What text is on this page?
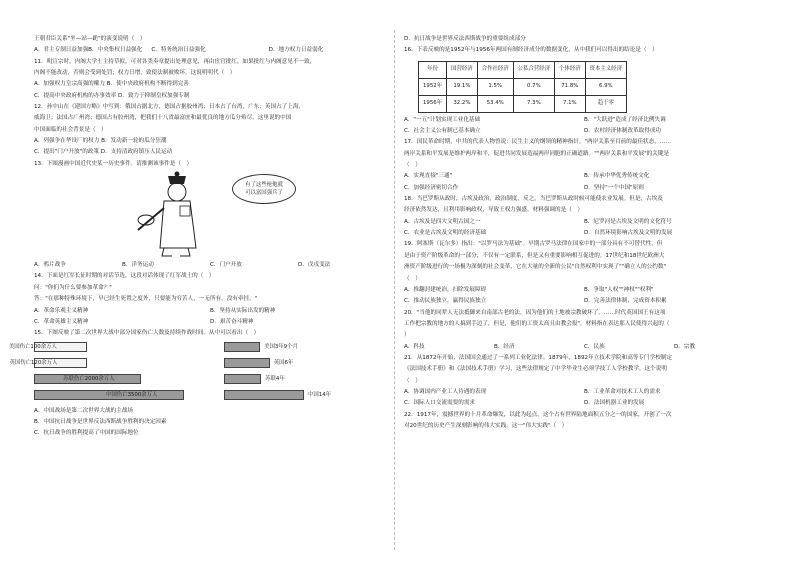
王朝君臣关系"坐—站—跪"的演变说明（　）
A．君主专制日益加强B．中央集权日益强化	C．特务统治日益强化	D．地方权力日益弱化
11．明宣宗时，内阁大学士主持草拟，可对各类奏章提出处理意见，再由宦官批红。如果批红与内阁意见不一致，
内阁不能改动，否则会受到处罚；权力日增，致使法制被败坏。这说明明代（　）
A．加强权力皇宗高强的權力 B．使中央政府机构不断得到完善
C．提高中央政府机构的办事效率 D．致力于抑制皇权加强专制
12．孙中山在《建国方略》中写到：俄国占据北方，德国占据胶州湾；日本占了台湾，广东；英国占了上海，
威海卫；法国占广州湾；德国占有胶州湾，把我们十八省最富庶和最优良的地方瓜分殆尽。这里说的中国
中国面临的社会背景是（　）
A．列强争在华设厂的权力 B．发动新一轮的瓜分狂潮
C．提出"门户开放"的政策 D．支持清政府镇压人民运动
13．下图漫画中国近代史某一历史事件。请推测该事件是（　）
有了这些枪炮就
可以富国强兵了
A．鸦片战争	B．洋务运动	C．门户开放	D．戊戌变法
14．下面是红军长征时期的对话节选，这段对话体现了红军战士的（　）
问："你们为什么要参加革命？"
答："在那种特殊环境下，早已经生死置之度外，只要能为穷苦人，一无所有，没有牵挂。"
A．革命乐观主义精神	B．坚持从实际出发的精神
C．革命英雄主义精神	D．艰苦奋斗精神
15．下图反映了第二次世界大战中部分国家伤亡人数及持续作战时间。从中可以看出（　）
美国伤亡100余万人	美国3年9个月
英国伤亡120余万人	英国6年
苏联伤亡2000余万人	苏联4年
中国伤亡3500余万人	中国14年
A．中国战场是第二次世界大战的主战场
B．中国抗日战争是世界反法西斯战争胜利的决定因素
C．抗日战争的胜利提高了中国的国际地位
D．抗日战争是世界反法西斯战争的重要组成部分
16．下表反映的是1952年与1956年两国有制经济成分的数据变化，从中我们可以得出的结论是（　）
年份	国营经济	合作社经济	公私合营经济	个体经济	资本主义经济
1952年	19.1%	1.5%	0.7%	71.8%	6.9%
1956年	32.2%	53.4%	7.3%	7.1%	趋于零
A．"一五"计划实现工业化基础	B．"大跃进"造成了经济比例失调
C．社会主义公有制已基本确立	D．农村经济体制改革取得成功
17．国民革命时期，中共的代表人物曾说：民生主义的纲领的精神指针。"两岸关系至目前的最佳状态，……
两岸关系和平发展是维护两岸和平，促进共同发展造福两岸同胞的正确道路。""两岸关系和平发展"的关键是
（　）
A．实现直接"三通"	B．传承中华优秀传统文化
C．加强经济密切合作	D．坚持"一个中国"原则
18．当巴罗斯从政时，古埃及政治，政治制度，反之，当巴罗斯从政时候可能使农业发展。但是，古埃及
经济依然发达，且利用影响政权，导致王权力强盛。材料强调的是（　）
A．古埃及是四大文明古国之一	B．尼罗河是古埃及文明的文化符号
C．农业是古埃及文明的经济基础	D．自然环境影响古埃及文明的发展
19．阿塞斯（瓦尔多）指出："以罗马法为基础"。早期古罗马法律在国家中的一部分具有不可替代性，但
是由于资产阶级革命的一部分，不仅有一定联系，但是又有重要影响相互促进的。17世纪和18世纪欧洲大
洲资产阶级进行的一场极为深刻的社会变革，它在大量的全新的公民"自然权利中实现了""确立人的公约数"
（　）
A．推翻封建统治，扫除发展障碍	B．争取"人权""神权""权利"
C．推动民族独立，赢得民族独立	D．完善法律体制，完成资本积累
20．"当他的同辈人无法抵御来自南部古老的法，因为他们的土地被宗教破坏了。……时代英国国王有这项
工作把宗教的地方的人搞到手边了，但是，他们的工资太高且由教会报"。材料指在表达那人民使得兴起的（
）
A．科技	B．经济	C．民族	D．宗教
21．从1872年开始，法国国会通过了一系列工业化法律。1879年，1892年立技术学院和高等专门学校制定
《法国技术手册》和《法国技术手册》学习，这些法律规定了中学毕业生必须学技工人学校教学。这个说明
（　）
A．协调国内产业工人待遇的表现	B．工业革命对技术工人的需求
C．国际人口交流需要的需求	D．法国机器工业的发展
22．1917年，震撼世界的十月革命爆发，以此为起点，这个占有世界陆地面积五分之一的国家，开创了一次
对20世纪的历史产生深刻影响的伟大实践。这一"伟大实践"（　）
